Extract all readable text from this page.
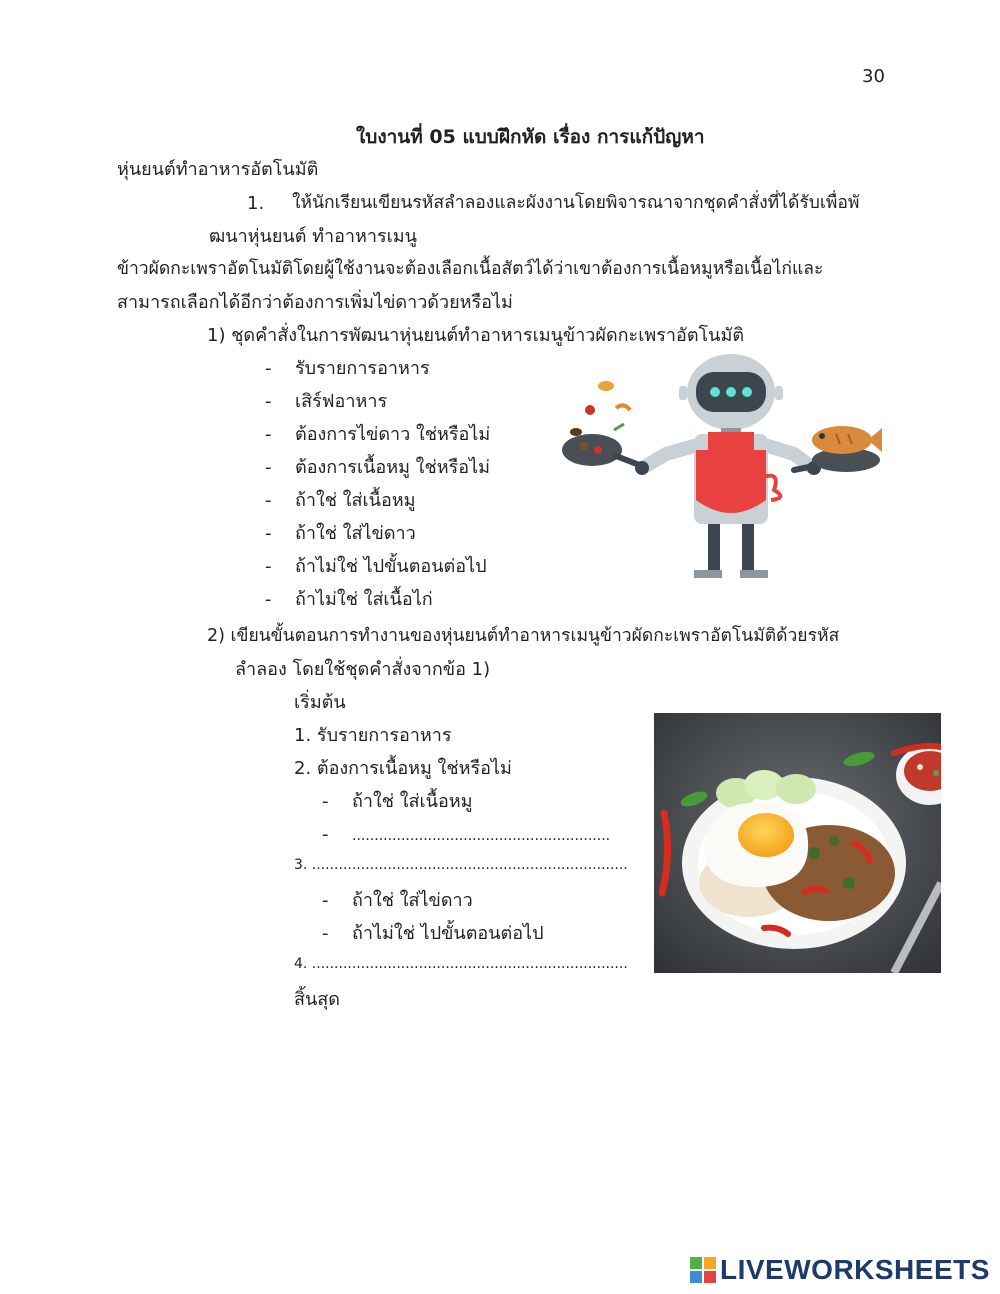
30
ใบงานที่ 05 แบบฝึกหัด เรื่อง การแก้ปัญหา
หุ่นยนต์ทำอาหารอัตโนมัติ
1. ให้นักเรียนเขียนรหัสลำลองและผังงานโดยพิจารณาจากชุดคำสั่งที่ได้รับเพื่อพั
ฒนาหุ่นยนต์ ทำอาหารเมนู
ข้าวผัดกะเพราอัตโนมัติโดยผู้ใช้งานจะต้องเลือกเนื้อสัตว์ได้ว่าเขาต้องการเนื้อหมูหรือเนื้อไก่และ
สามารถเลือกได้อีกว่าต้องการเพิ่มไข่ดาวด้วยหรือไม่
1) ชุดคำสั่งในการพัฒนาหุ่นยนต์ทำอาหารเมนูข้าวผัดกะเพราอัตโนมัติ
- รับรายการอาหาร
- เสิร์ฟอาหาร
- ต้องการไข่ดาว ใช่หรือไม่
- ต้องการเนื้อหมู ใช่หรือไม่
- ถ้าใช่ ใส่เนื้อหมู
- ถ้าใช่ ใส่ไข่ดาว
- ถ้าไม่ใช่ ไปขั้นตอนต่อไป
- ถ้าไม่ใช่ ใส่เนื้อไก่
2) เขียนขั้นตอนการทำงานของหุ่นยนต์ทำอาหารเมนูข้าวผัดกะเพราอัตโนมัติด้วยรหัส
ลำลอง โดยใช้ชุดคำสั่งจากข้อ 1)
เริ่มต้น
1. รับรายการอาหาร
2. ต้องการเนื้อหมู ใช่หรือไม่
- ถ้าใช่ ใส่เนื้อหมู
- ..........................................................
3. .......................................................................
- ถ้าใช่ ใส่ไข่ดาว
- ถ้าไม่ใช่ ไปขั้นตอนต่อไป
4. .......................................................................
สิ้นสุด
LIVEWORKSHEETS
